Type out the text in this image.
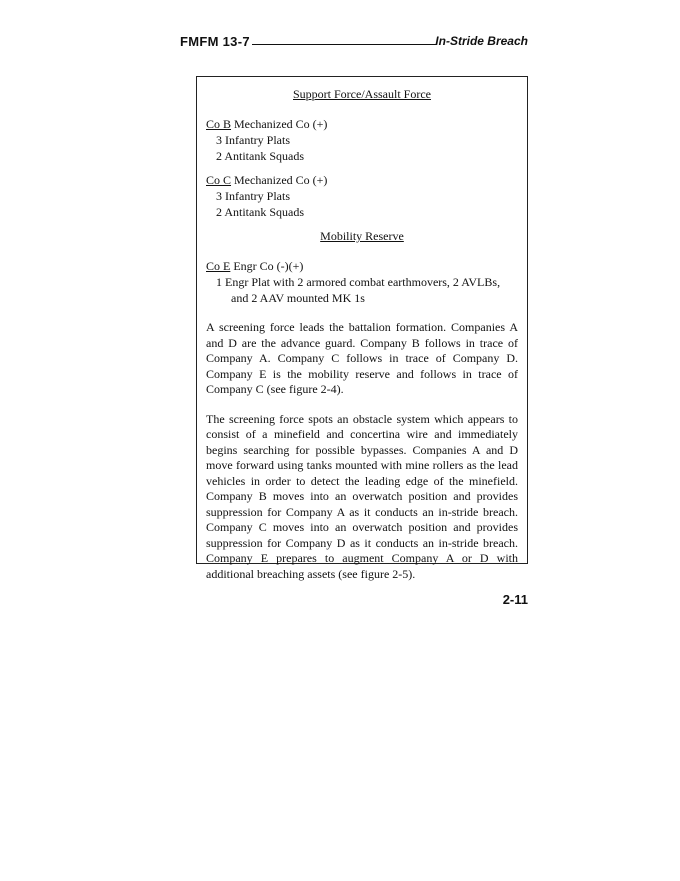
FMFM 13-7	In-Stride Breach

Support Force/Assault Force

Co B Mechanized Co (+)

3 Infantry Plats

2 Antitank Squads

Co C Mechanized Co (+)

3 Infantry Plats

2 Antitank Squads

Mobility Reserve

Co E Engr Co (-)(+)

1 Engr Plat with 2 armored combat earthmovers, 2 AVLBs,

and 2 AAV mounted MK 1s

A screening force leads the battalion formation. Companies A and D are the advance guard. Company B follows in trace of Company A. Company C follows in trace of Company D. Company E is the mobility reserve and follows in trace of Company C (see figure 2-4).

The screening force spots an obstacle system which appears to consist of a minefield and concertina wire and immediately begins searching for possible bypasses. Companies A and D move forward using tanks mounted with mine rollers as the lead vehicles in order to detect the leading edge of the minefield. Company B moves into an overwatch position and provides suppression for Company A as it conducts an in-stride breach. Company C moves into an overwatch position and provides suppression for Company D as it conducts an in-stride breach. Company E prepares to augment Company A or D with additional breaching assets (see figure 2-5).

2-11
